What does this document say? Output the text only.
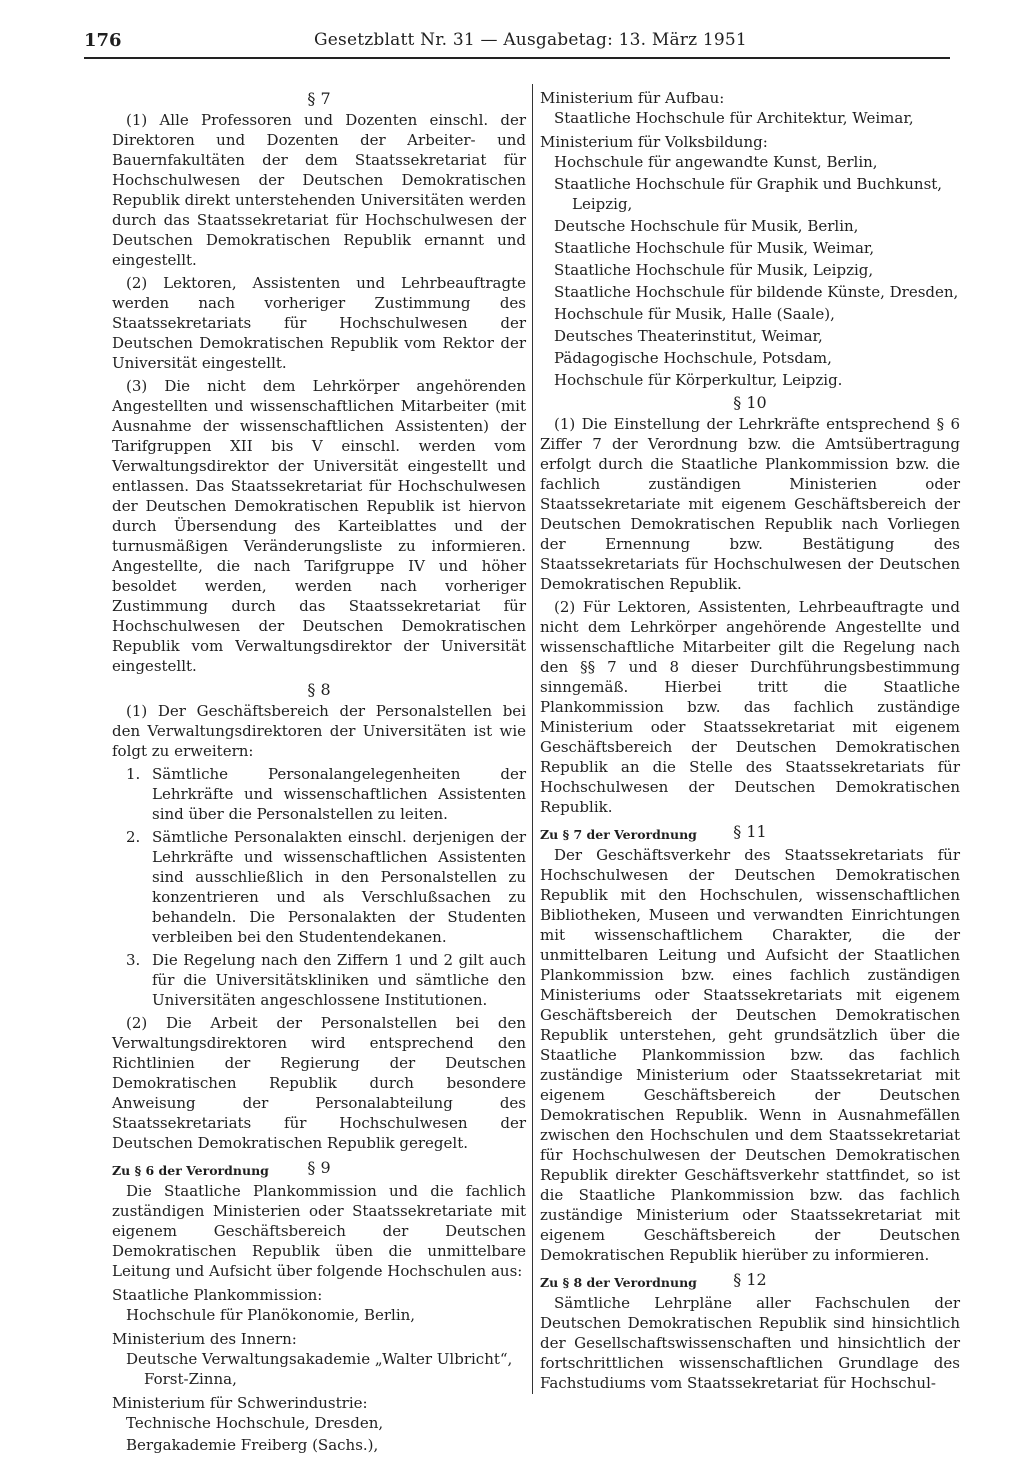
176	Gesetzblatt Nr. 31 — Ausgabetag: 13. März 1951

§ 7

(1) Alle Professoren und Dozenten einschl. der Direktoren und Dozenten der Arbeiter- und Bauernfakultäten der dem Staatssekretariat für Hochschulwesen der Deutschen Demokratischen Republik direkt unterstehenden Universitäten werden durch das Staatssekretariat für Hochschulwesen der Deutschen Demokratischen Republik ernannt und eingestellt.

(2) Lektoren, Assistenten und Lehrbeauftragte werden nach vorheriger Zustimmung des Staatssekretariats für Hochschulwesen der Deutschen Demokratischen Republik vom Rektor der Universität eingestellt.

(3) Die nicht dem Lehrkörper angehörenden Angestellten und wissenschaftlichen Mitarbeiter (mit Ausnahme der wissenschaftlichen Assistenten) der Tarifgruppen XII bis V einschl. werden vom Verwaltungsdirektor der Universität eingestellt und entlassen. Das Staatssekretariat für Hochschulwesen der Deutschen Demokratischen Republik ist hiervon durch Übersendung des Karteiblattes und der turnusmäßigen Veränderungsliste zu informieren. Angestellte, die nach Tarifgruppe IV und höher besoldet werden, werden nach vorheriger Zustimmung durch das Staatssekretariat für Hochschulwesen der Deutschen Demokratischen Republik vom Verwaltungsdirektor der Universität eingestellt.

§ 8

(1) Der Geschäftsbereich der Personalstellen bei den Verwaltungsdirektoren der Universitäten ist wie folgt zu erweitern:

1. Sämtliche Personalangelegenheiten der Lehrkräfte und wissenschaftlichen Assistenten sind über die Personalstellen zu leiten.
2. Sämtliche Personalakten einschl. derjenigen der Lehrkräfte und wissenschaftlichen Assistenten sind ausschließlich in den Personalstellen zu konzentrieren und als Verschlußsachen zu behandeln. Die Personalakten der Studenten verbleiben bei den Studentendekanen.
3. Die Regelung nach den Ziffern 1 und 2 gilt auch für die Universitätskliniken und sämtliche den Universitäten angeschlossene Institutionen.

(2) Die Arbeit der Personalstellen bei den Verwaltungsdirektoren wird entsprechend den Richtlinien der Regierung der Deutschen Demokratischen Republik durch besondere Anweisung der Personalabteilung des Staatssekretariats für Hochschulwesen der Deutschen Demokratischen Republik geregelt.

Zu § 6 der Verordnung	§ 9

Die Staatliche Plankommission und die fachlich zuständigen Ministerien oder Staatssekretariate mit eigenem Geschäftsbereich der Deutschen Demokratischen Republik üben die unmittelbare Leitung und Aufsicht über folgende Hochschulen aus:

Staatliche Plankommission:

Hochschule für Planökonomie, Berlin,

Ministerium des Innern:

Deutsche Verwaltungsakademie „Walter Ulbricht“, Forst-Zinna,

Ministerium für Schwerindustrie:

Technische Hochschule, Dresden,

Bergakademie Freiberg (Sachs.),

Ministerium für Aufbau:

Staatliche Hochschule für Architektur, Weimar,

Ministerium für Volksbildung:

Hochschule für angewandte Kunst, Berlin,

Staatliche Hochschule für Graphik und Buchkunst, Leipzig,

Deutsche Hochschule für Musik, Berlin,

Staatliche Hochschule für Musik, Weimar,

Staatliche Hochschule für Musik, Leipzig,

Staatliche Hochschule für bildende Künste, Dresden,

Hochschule für Musik, Halle (Saale),

Deutsches Theaterinstitut, Weimar,

Pädagogische Hochschule, Potsdam,

Hochschule für Körperkultur, Leipzig.

§ 10

(1) Die Einstellung der Lehrkräfte entsprechend § 6 Ziffer 7 der Verordnung bzw. die Amtsübertragung erfolgt durch die Staatliche Plankommission bzw. die fachlich zuständigen Ministerien oder Staatssekretariate mit eigenem Geschäftsbereich der Deutschen Demokratischen Republik nach Vorliegen der Ernennung bzw. Bestätigung des Staatssekretariats für Hochschulwesen der Deutschen Demokratischen Republik.

(2) Für Lektoren, Assistenten, Lehrbeauftragte und nicht dem Lehrkörper angehörende Angestellte und wissenschaftliche Mitarbeiter gilt die Regelung nach den §§ 7 und 8 dieser Durchführungsbestimmung sinngemäß. Hierbei tritt die Staatliche Plankommission bzw. das fachlich zuständige Ministerium oder Staatssekretariat mit eigenem Geschäftsbereich der Deutschen Demokratischen Republik an die Stelle des Staatssekretariats für Hochschulwesen der Deutschen Demokratischen Republik.

Zu § 7 der Verordnung	§ 11

Der Geschäftsverkehr des Staatssekretariats für Hochschulwesen der Deutschen Demokratischen Republik mit den Hochschulen, wissenschaftlichen Bibliotheken, Museen und verwandten Einrichtungen mit wissenschaftlichem Charakter, die der unmittelbaren Leitung und Aufsicht der Staatlichen Plankommission bzw. eines fachlich zuständigen Ministeriums oder Staatssekretariats mit eigenem Geschäftsbereich der Deutschen Demokratischen Republik unterstehen, geht grundsätzlich über die Staatliche Plankommission bzw. das fachlich zuständige Ministerium oder Staatssekretariat mit eigenem Geschäftsbereich der Deutschen Demokratischen Republik. Wenn in Ausnahmefällen zwischen den Hochschulen und dem Staatssekretariat für Hochschulwesen der Deutschen Demokratischen Republik direkter Geschäftsverkehr stattfindet, so ist die Staatliche Plankommission bzw. das fachlich zuständige Ministerium oder Staatssekretariat mit eigenem Geschäftsbereich der Deutschen Demokratischen Republik hierüber zu informieren.

Zu § 8 der Verordnung	§ 12

Sämtliche Lehrpläne aller Fachschulen der Deutschen Demokratischen Republik sind hinsichtlich der Gesellschaftswissenschaften und hinsichtlich der fortschrittlichen wissenschaftlichen Grundlage des Fachstudiums vom Staatssekretariat für Hochschul-
